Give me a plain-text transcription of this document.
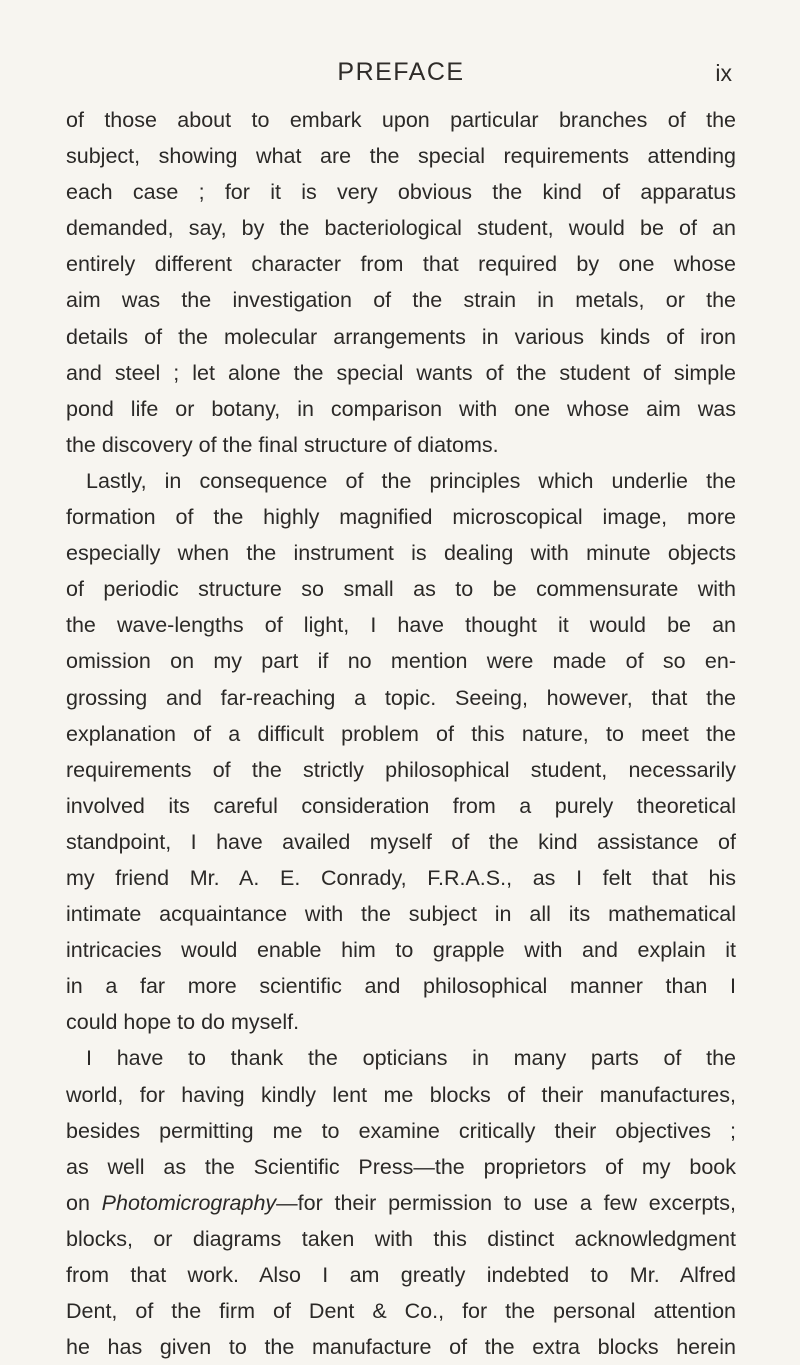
PREFACE	ix
of those about to embark upon particular branches of the
subject, showing what are the special requirements attending
each case ; for it is very obvious the kind of apparatus
demanded, say, by the bacteriological student, would be of an
entirely different character from that required by one whose
aim was the investigation of the strain in metals, or the
details of the molecular arrangements in various kinds of iron
and steel ; let alone the special wants of the student of simple
pond life or botany, in comparison with one whose aim was
the discovery of the final structure of diatoms.
Lastly, in consequence of the principles which underlie the
formation of the highly magnified microscopical image, more
especially when the instrument is dealing with minute objects
of periodic structure so small as to be commensurate with
the wave-lengths of light, I have thought it would be an
omission on my part if no mention were made of so en-
grossing and far-reaching a topic. Seeing, however, that the
explanation of a difficult problem of this nature, to meet the
requirements of the strictly philosophical student, necessarily
involved its careful consideration from a purely theoretical
standpoint, I have availed myself of the kind assistance of
my friend Mr. A. E. Conrady, F.R.A.S., as I felt that his
intimate acquaintance with the subject in all its mathematical
intricacies would enable him to grapple with and explain it
in a far more scientific and philosophical manner than I
could hope to do myself.
I have to thank the opticians in many parts of the
world, for having kindly lent me blocks of their manufactures,
besides permitting me to examine critically their objectives ;
as well as the Scientific Press—the proprietors of my book
on Photomicrography—for their permission to use a few excerpts,
blocks, or diagrams taken with this distinct acknowledgment
from that work. Also I am greatly indebted to Mr. Alfred
Dent, of the firm of Dent & Co., for the personal attention
he has given to the manufacture of the extra blocks herein
